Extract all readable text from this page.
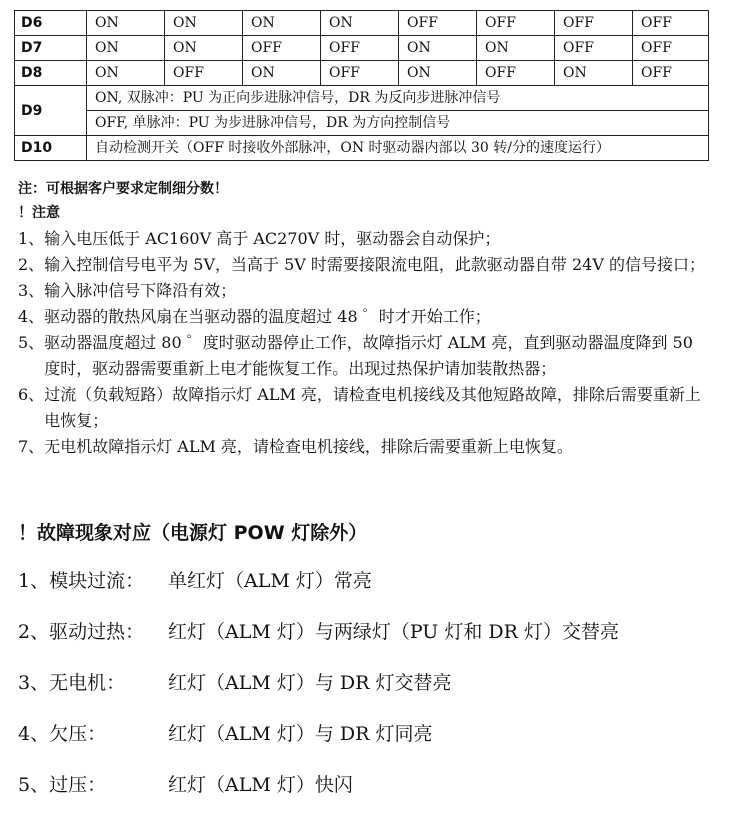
D6	ON	ON	ON	ON	OFF	OFF	OFF	OFF
D7	ON	ON	OFF	OFF	ON	ON	OFF	OFF
D8	ON	OFF	ON	OFF	ON	OFF	ON	OFF
D9	ON, 双脉冲：PU 为正向步进脉冲信号，DR 为反向步进脉冲信号							
	OFF, 单脉冲：PU 为步进脉冲信号，DR 为方向控制信号							
D10	自动检测开关（OFF 时接收外部脉冲，ON 时驱动器内部以 30 转/分的速度运行）							
注：可根据客户要求定制细分数！
！注意
1、 输入电压低于 AC160V 高于 AC270V 时，驱动器会自动保护；
2、 输入控制信号电平为 5V，当高于 5V 时需要接限流电阻，此款驱动器自带 24V 的信号接口；
3、 输入脉冲信号下降沿有效；
4、 驱动器的散热风扇在当驱动器的温度超过 48 ゜时才开始工作；
5、 驱动器温度超过 80 ゜度时驱动器停止工作，故障指示灯 ALM 亮，直到驱动器温度降到 50 度时，驱动器需要重新上电才能恢复工作。出现过热保护请加装散热器；
6、 过流（负载短路）故障指示灯 ALM 亮，请检查电机接线及其他短路故障，排除后需要重新上电恢复；
7、 无电机故障指示灯 ALM 亮，请检查电机接线，排除后需要重新上电恢复。
！故障现象对应（电源灯 POW 灯除外）
1、模块过流：	单红灯（ALM 灯）常亮
2、驱动过热：	红灯（ALM 灯）与两绿灯（PU 灯和 DR 灯）交替亮
3、无电机：	红灯（ALM 灯）与 DR 灯交替亮
4、欠压：	红灯（ALM 灯）与 DR 灯同亮
5、过压：	红灯（ALM 灯）快闪
